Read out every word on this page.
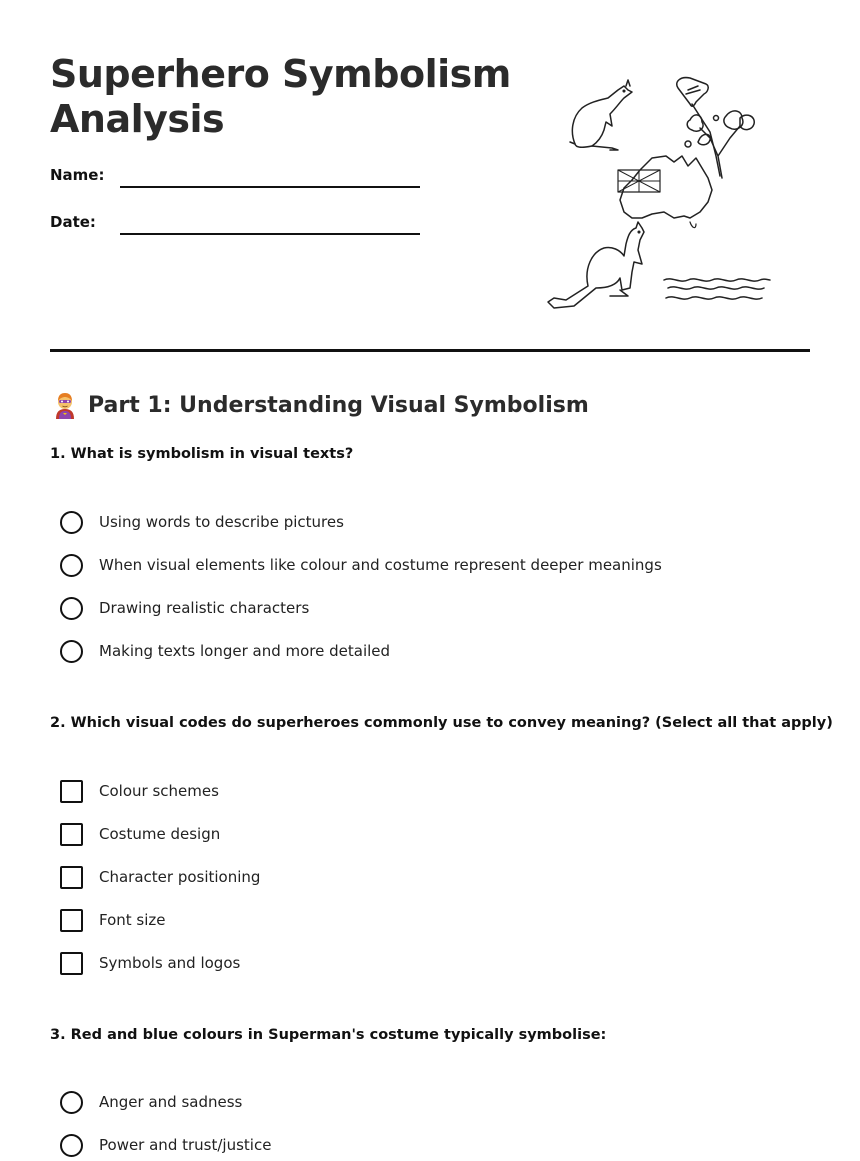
Superhero Symbolism Analysis
Name:
Date:
Part 1: Understanding Visual Symbolism
1. What is symbolism in visual texts?
Using words to describe pictures
When visual elements like colour and costume represent deeper meanings
Drawing realistic characters
Making texts longer and more detailed
2. Which visual codes do superheroes commonly use to convey meaning? (Select all that apply)
Colour schemes
Costume design
Character positioning
Font size
Symbols and logos
3. Red and blue colours in Superman's costume typically symbolise:
Anger and sadness
Power and trust/justice
